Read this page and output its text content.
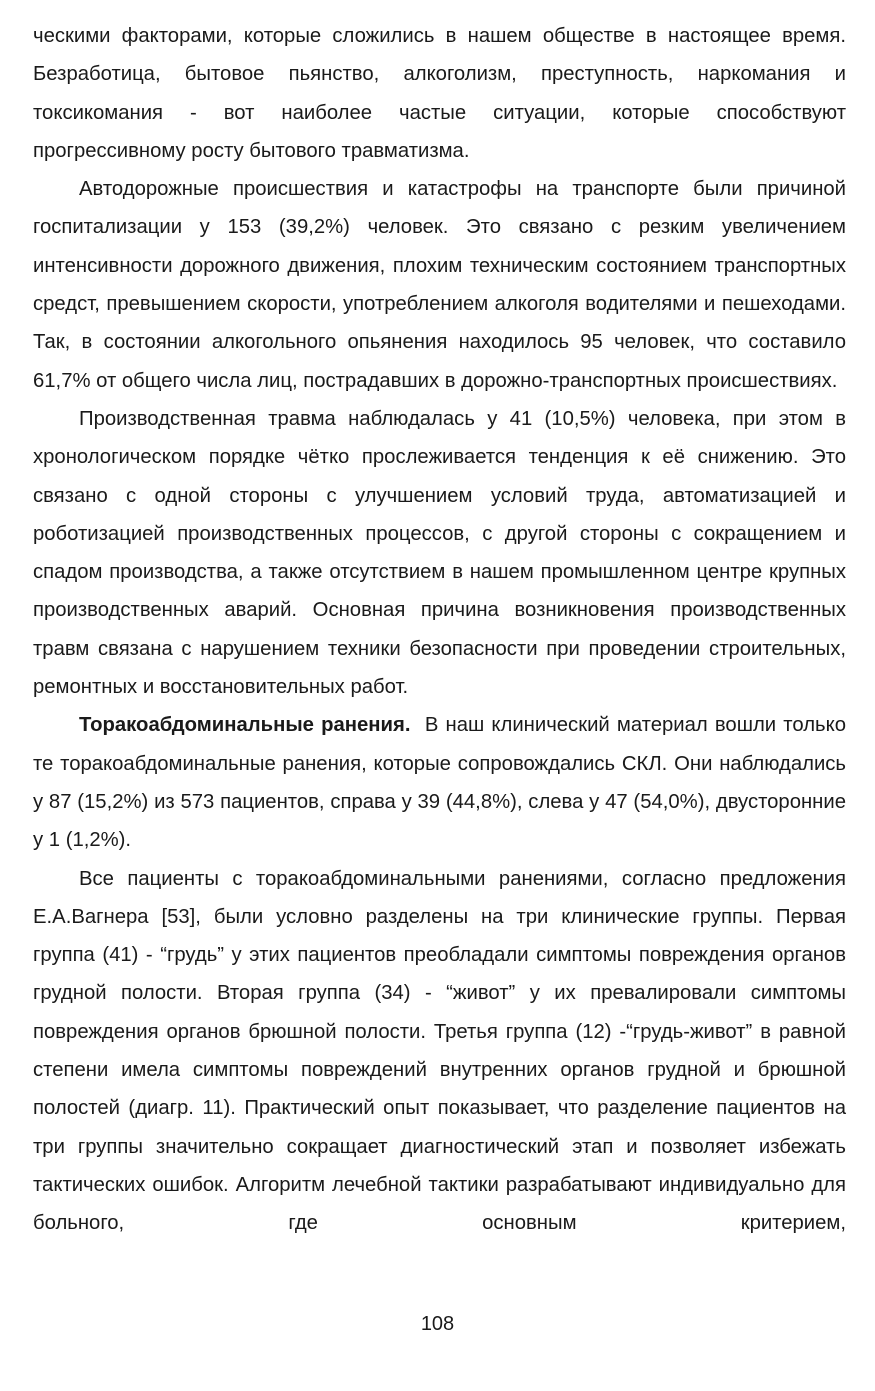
ческими факторами, которые сложились в нашем обществе в настоящее время. Безработица, бытовое пьянство, алкоголизм, преступность, наркомания и токсикомания - вот наиболее частые ситуации, которые способствуют прогрессивному росту бытового травматизма.

Автодорожные происшествия и катастрофы на транспорте были причиной госпитализации у 153 (39,2%) человек. Это связано с резким увеличением интенсивности дорожного движения, плохим техническим состоянием транспортных средст, превышением скорости, употреблением алкоголя водителями и пешеходами. Так, в состоянии алкогольного опьянения находилось 95 человек, что составило 61,7% от общего числа лиц, пострадавших в дорожно-транспортных происшествиях.

Производственная травма наблюдалась у 41 (10,5%) человека, при этом в хронологическом порядке чётко прослеживается тенденция к её снижению. Это связано с одной стороны с улучшением условий труда, автоматизацией и роботизацией производственных процессов, с другой стороны с сокращением и спадом производства, а также отсутствием в нашем промышленном центре крупных производственных аварий. Основная причина возникновения производственных травм связана с нарушением техники безопасности при проведении строительных, ремонтных и восстановительных работ.

Торакоабдоминальные ранения. В наш клинический материал вошли только те торакоабдоминальные ранения, которые сопровождались СКЛ. Они наблюдались у 87 (15,2%) из 573 пациентов, справа у 39 (44,8%), слева у 47 (54,0%), двусторонние у 1 (1,2%).

Все пациенты с торакоабдоминальными ранениями, согласно предложения Е.А.Вагнера [53], были условно разделены на три клинические группы. Первая группа (41) - “грудь” у этих пациентов преобладали симптомы повреждения органов грудной полости. Вторая группа (34) - “живот” у их превалировали симптомы повреждения органов брюшной полости. Третья группа (12) -“грудь-живот” в равной степени имела симптомы повреждений внутренних органов грудной и брюшной полостей (диагр. 11). Практический опыт показывает, что разделение пациентов на три группы значительно сокращает диагностический этап и позволяет избежать тактических ошибок. Алгоритм лечебной тактики разрабатывают индивидуально для больного, где основным критерием,

108
